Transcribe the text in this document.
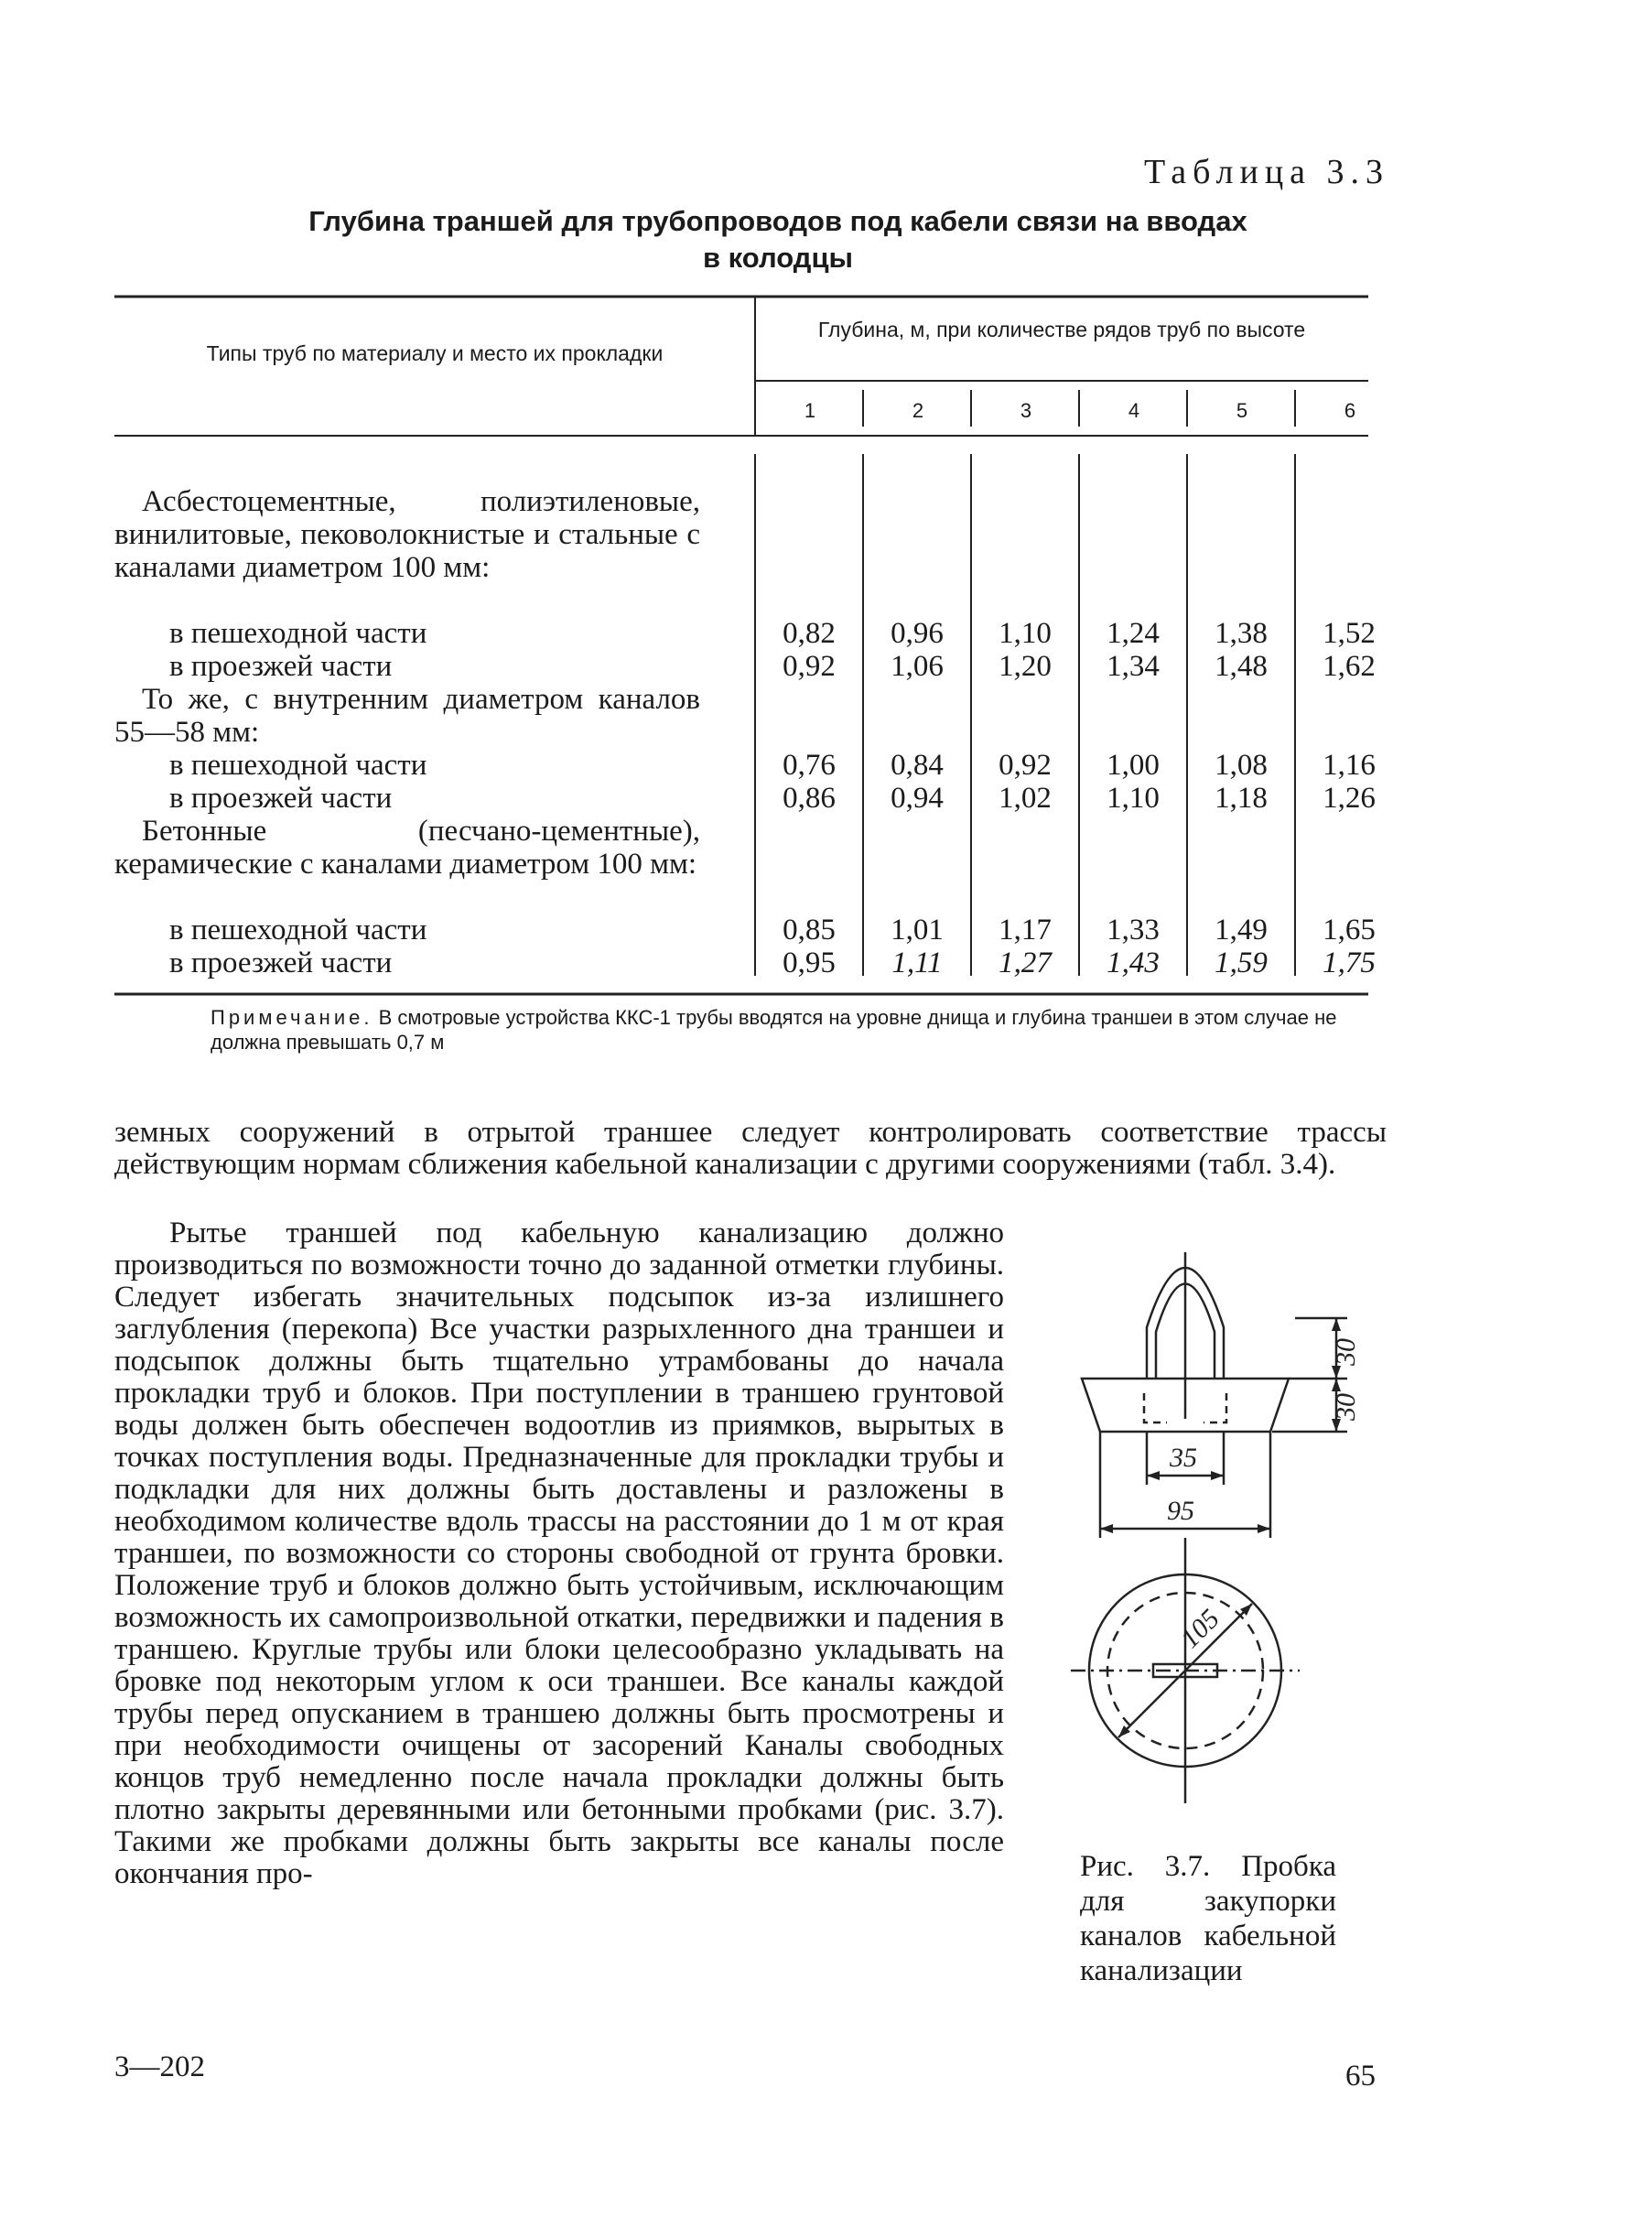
Таблица 3.3
Глубина траншей для трубопроводов под кабели связи на вводах
в колодцы
Типы труб по материалу и место их прокладки
Глубина, м, при количестве рядов труб по высоте
1	2	3	4	5	6
Асбестоцементные, полиэтиленовые, винилитовые, пековолокнистые и стальные с каналами диаметром 100 мм:
в пешеходной части	0,82	0,96	1,10	1,24	1,38	1,52
в проезжей части	0,92	1,06	1,20	1,34	1,48	1,62
То же, с внутренним диаметром каналов 55—58 мм:
в пешеходной части	0,76	0,84	0,92	1,00	1,08	1,16
в проезжей части	0,86	0,94	1,02	1,10	1,18	1,26
Бетонные (песчано-цементные), керамические с каналами диаметром 100 мм:
в пешеходной части	0,85	1,01	1,17	1,33	1,49	1,65
в проезжей части	0,95	1,11	1,27	1,43	1,59	1,75
Примечание. В смотровые устройства ККС-1 трубы вводятся на уровне днища и глубина траншеи в этом случае не должна превышать 0,7 м
земных сооружений в отрытой траншее следует контролировать соответствие трассы действующим нормам сближения кабельной канализации с другими сооружениями (табл. 3.4).

Рытье траншей под кабельную канализацию должно производиться по возможности точно до заданной отметки глубины. Следует избегать значительных подсыпок из-за излишнего заглубления (перекопа) Все участки разрыхленного дна траншеи и подсыпок должны быть тщательно утрамбованы до начала прокладки труб и блоков. При поступлении в траншею грунтовой воды должен быть обеспечен водоотлив из приямков, вырытых в точках поступления воды. Предназначенные для прокладки трубы и подкладки для них должны быть доставлены и разложены в необходимом количестве вдоль трассы на расстоянии до 1 м от края траншеи, по возможности со стороны свободной от грунта бровки. Положение труб и блоков должно быть устойчивым, исключающим возможность их самопроизвольной откатки, передвижки и падения в траншею. Круглые трубы или блоки целесообразно укладывать на бровке под некоторым углом к оси траншеи. Все каналы каждой трубы перед опусканием в траншею должны быть просмотрены и при необходимости очищены от засорений Каналы свободных концов труб немедленно после начала прокладки должны быть плотно закрыты деревянными или бетонными пробками (рис. 3.7). Такими же пробками должны быть закрыты все каналы после окончания про-

30
30
35
95
105
Рис. 3.7. Пробка для закупорки каналов кабельной канализации
3—202	65
